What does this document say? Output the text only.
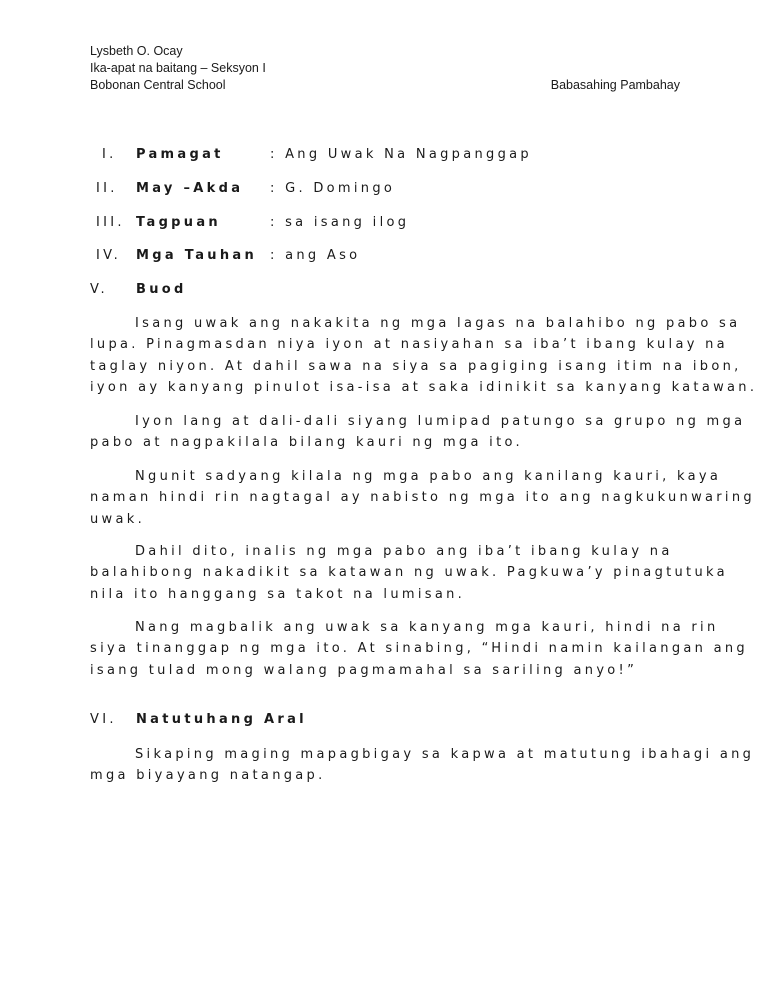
Lysbeth O. Ocay
Ika-apat na baitang – Seksyon I
Bobonan Central School	Babasahing Pambahay
I. Pamagat	: Ang Uwak Na Nagpanggap
II. May –Akda : G. Domingo
III. Tagpuan	: sa isang ilog
IV. Mga Tauhan : ang Aso
V. Buod
Isang uwak ang nakakita ng mga lagas na balahibo ng pabo sa
lupa. Pinagmasdan niya iyon at nasiyahan sa iba’t ibang kulay na
taglay niyon. At dahil sawa na siya sa pagiging isang itim na ibon,
iyon ay kanyang pinulot isa-isa at saka idinikit sa kanyang katawan.
Iyon lang at dali-dali siyang lumipad patungo sa grupo ng mga
pabo at nagpakilala bilang kauri ng mga ito.
Ngunit sadyang kilala ng mga pabo ang kanilang kauri, kaya
naman hindi rin nagtagal ay nabisto ng mga ito ang nagkukunwaring
uwak.
Dahil dito, inalis ng mga pabo ang iba’t ibang kulay na
balahibong nakadikit sa katawan ng uwak. Pagkuwa’y pinagtutuka
nila ito hanggang sa takot na lumisan.
Nang magbalik ang uwak sa kanyang mga kauri, hindi na rin
siya tinanggap ng mga ito. At sinabing, “Hindi namin kailangan ang
isang tulad mong walang pagmamahal sa sariling anyo!”
VI. Natutuhang Aral
Sikaping maging mapagbigay sa kapwa at matutung ibahagi ang
mga biyayang natangap.
